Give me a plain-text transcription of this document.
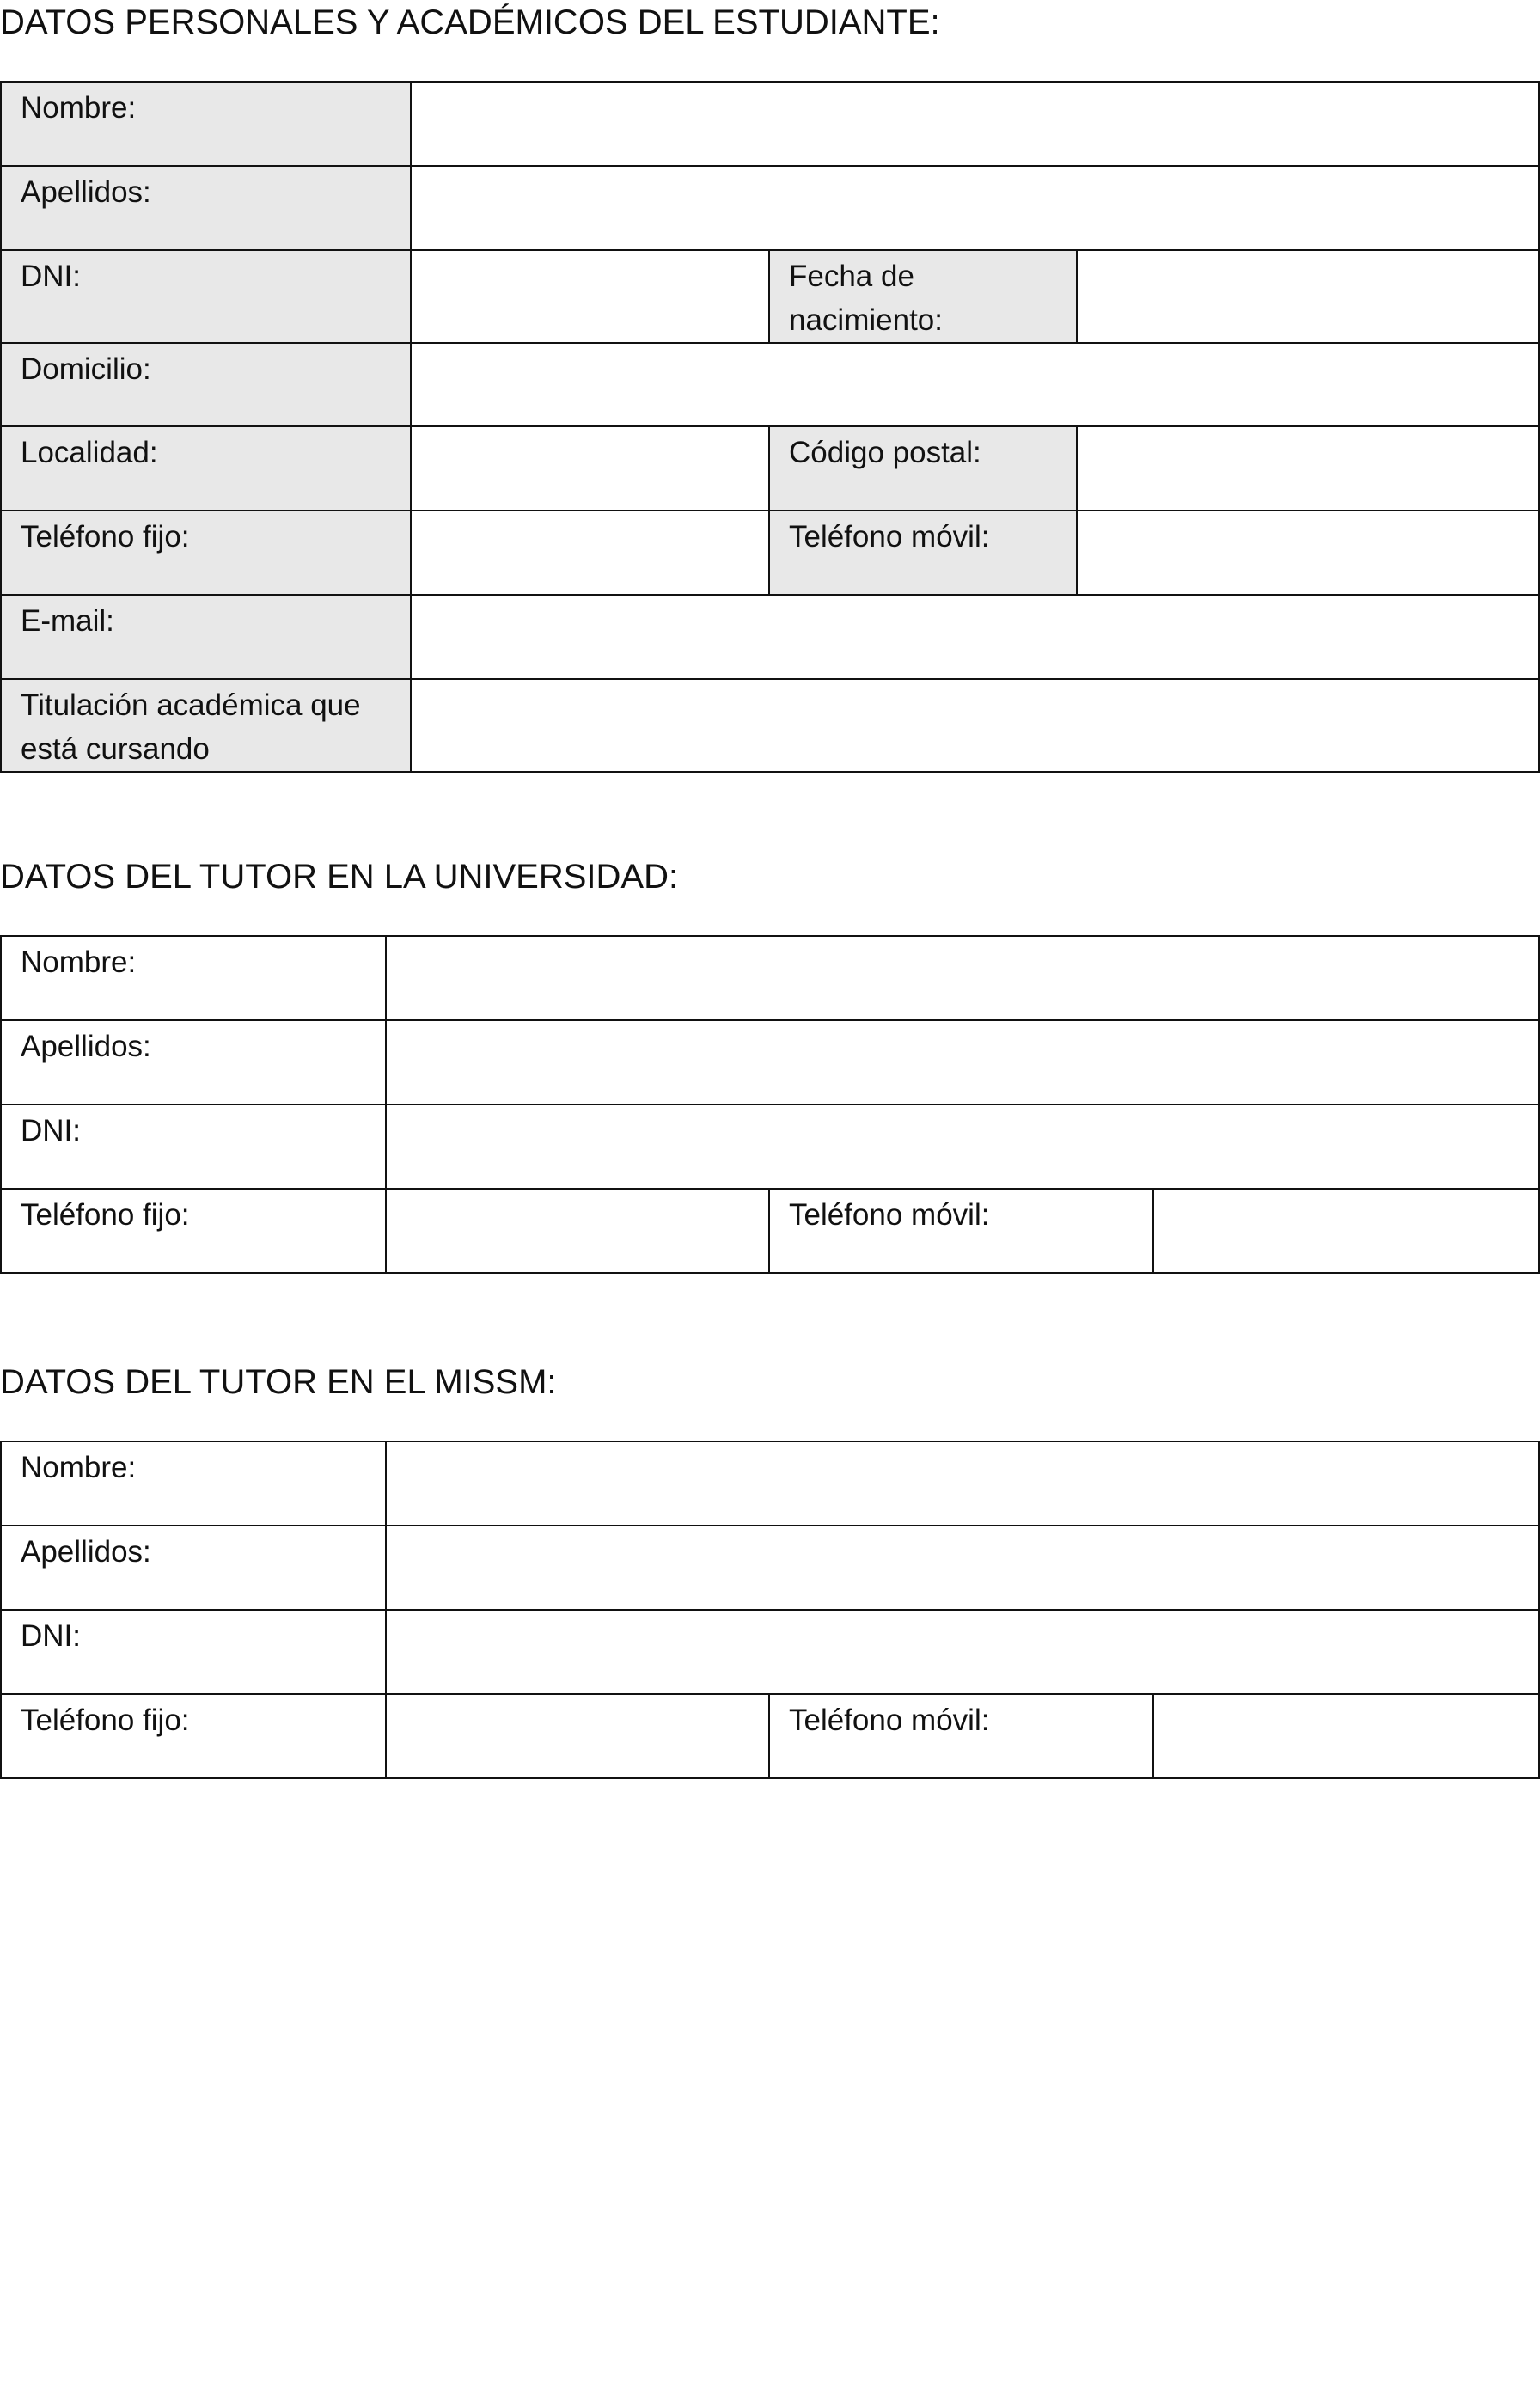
DATOS PERSONALES Y ACADÉMICOS DEL ESTUDIANTE:
Nombre:			
Apellidos:			
DNI:		Fecha de nacimiento:	
Domicilio:			
Localidad:		Código postal:	
Teléfono fijo:		Teléfono móvil:	
E-mail:			
Titulación académica que está cursando			
DATOS DEL TUTOR EN LA UNIVERSIDAD:
Nombre:			
Apellidos:			
DNI:			
Teléfono fijo:		Teléfono móvil:	
DATOS DEL TUTOR EN EL MISSM:
Nombre:			
Apellidos:			
DNI:			
Teléfono fijo:		Teléfono móvil:	
